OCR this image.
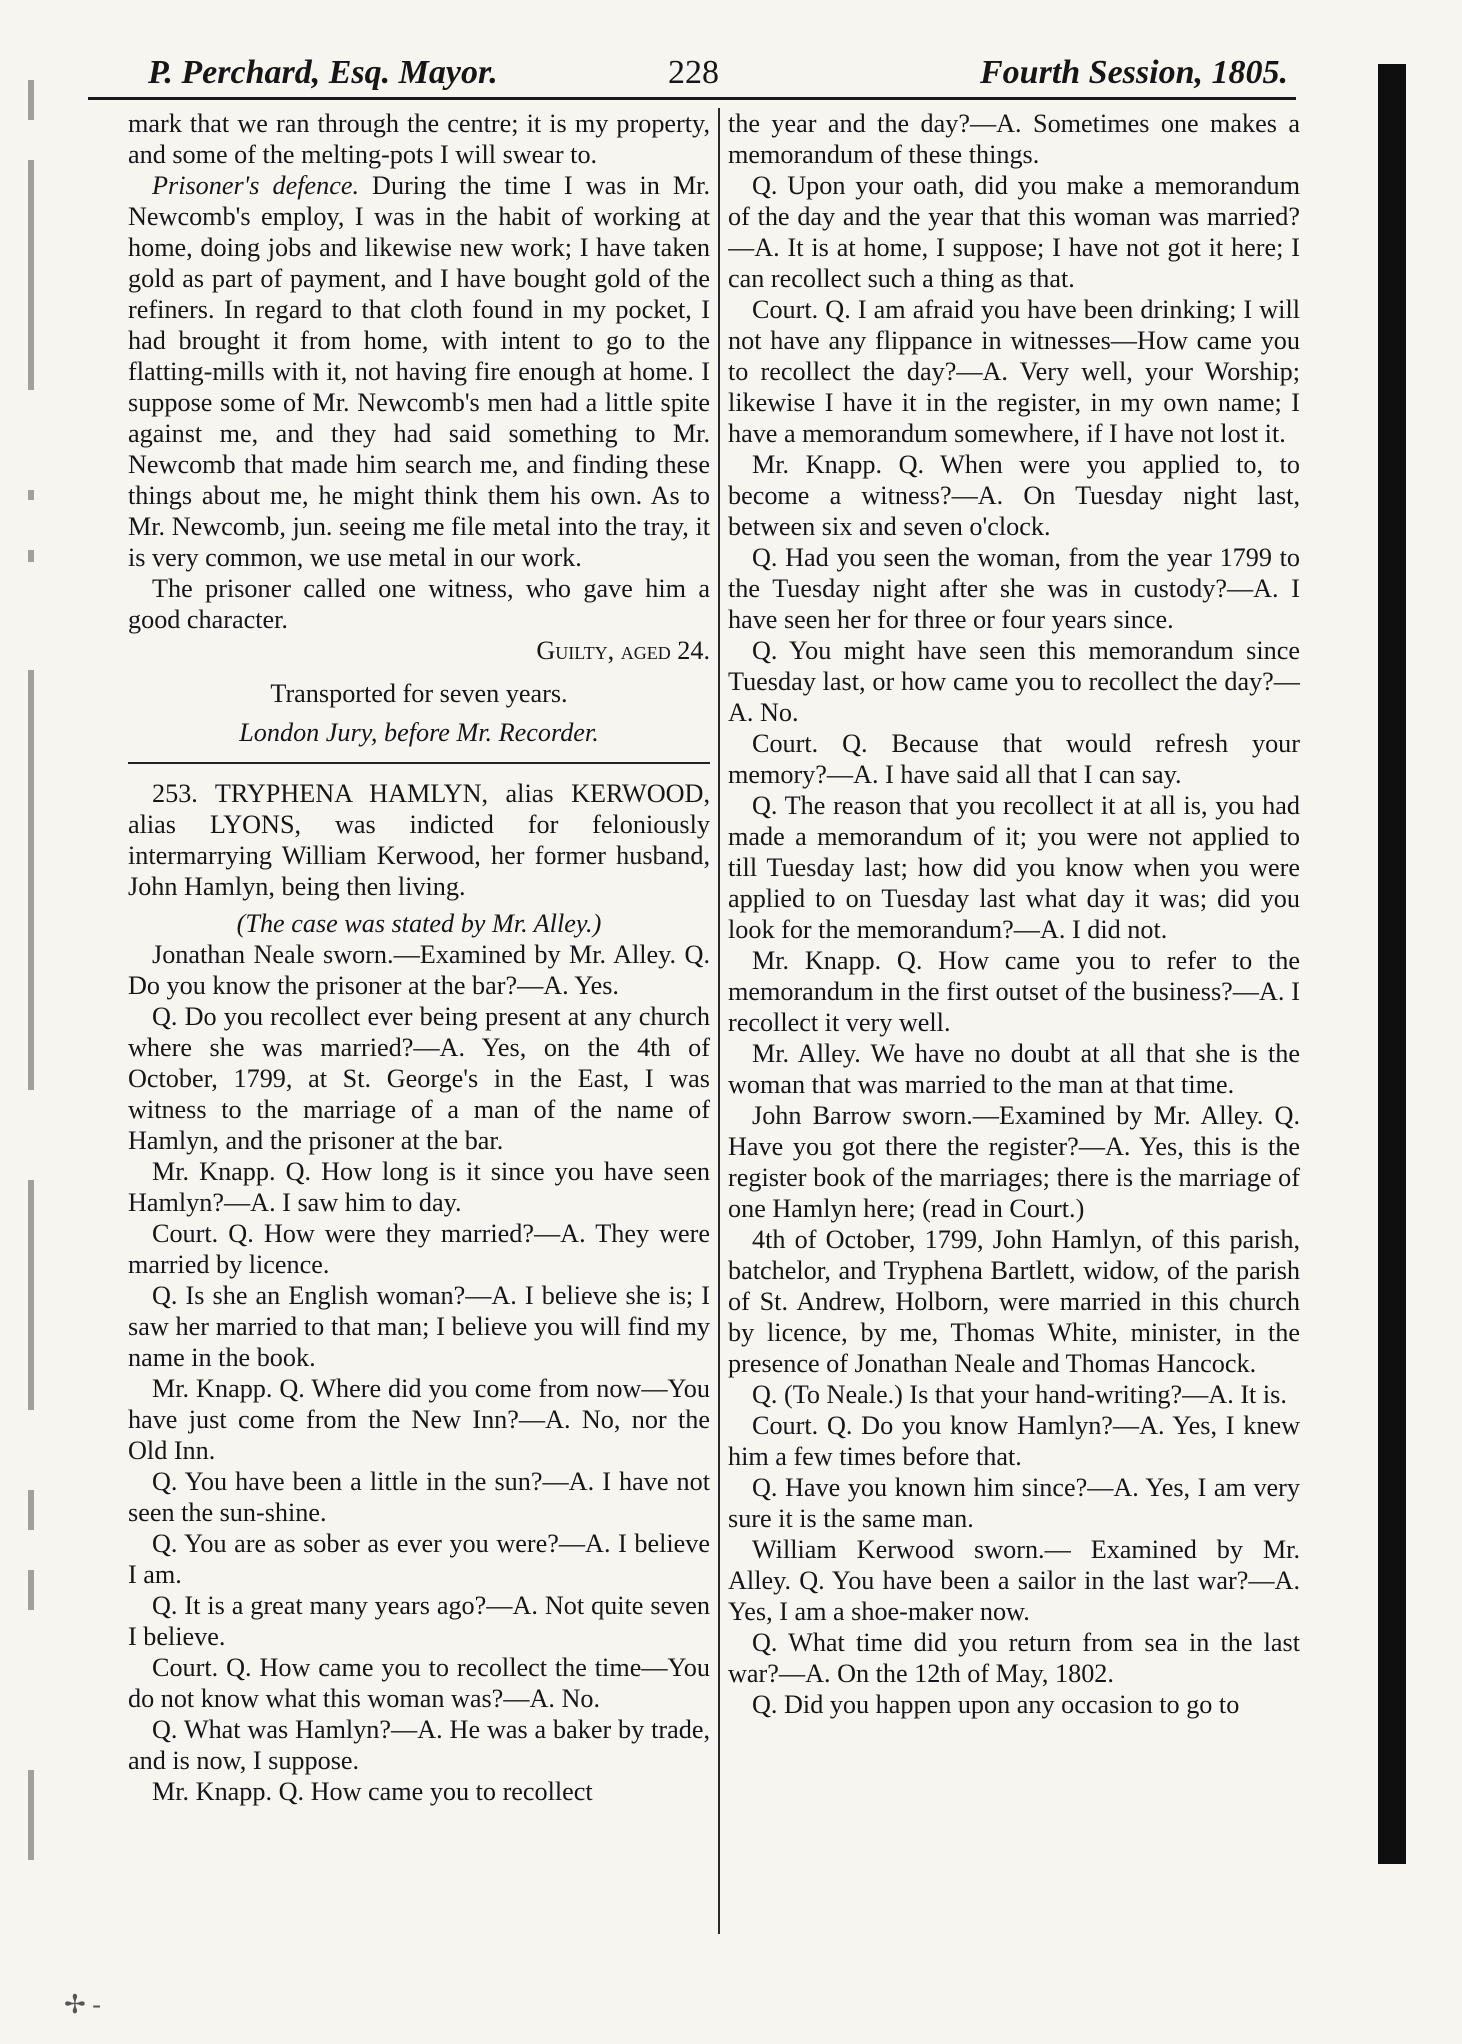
P. Perchard, Esq. Mayor.	228	Fourth Session, 1805.

mark that we ran through the centre; it is my property, and some of the melting-pots I will swear to.

Prisoner's defence. During the time I was in Mr. Newcomb's employ, I was in the habit of working at home, doing jobs and likewise new work; I have taken gold as part of payment, and I have bought gold of the refiners. In regard to that cloth found in my pocket, I had brought it from home, with intent to go to the flatting-mills with it, not having fire enough at home. I suppose some of Mr. Newcomb's men had a little spite against me, and they had said something to Mr. Newcomb that made him search me, and finding these things about me, he might think them his own. As to Mr. Newcomb, jun. seeing me file metal into the tray, it is very common, we use metal in our work.

The prisoner called one witness, who gave him a good character.

Guilty, aged 24.

Transported for seven years.

London Jury, before Mr. Recorder.

253. TRYPHENA HAMLYN, alias KERWOOD, alias LYONS, was indicted for feloniously intermarrying William Kerwood, her former husband, John Hamlyn, being then living.

(The case was stated by Mr. Alley.)

Jonathan Neale sworn.—Examined by Mr. Alley. Q. Do you know the prisoner at the bar?—A. Yes.

Q. Do you recollect ever being present at any church where she was married?—A. Yes, on the 4th of October, 1799, at St. George's in the East, I was witness to the marriage of a man of the name of Hamlyn, and the prisoner at the bar.

Mr. Knapp. Q. How long is it since you have seen Hamlyn?—A. I saw him to day.

Court. Q. How were they married?—A. They were married by licence.

Q. Is she an English woman?—A. I believe she is; I saw her married to that man; I believe you will find my name in the book.

Mr. Knapp. Q. Where did you come from now—You have just come from the New Inn?—A. No, nor the Old Inn.

Q. You have been a little in the sun?—A. I have not seen the sun-shine.

Q. You are as sober as ever you were?—A. I believe I am.

Q. It is a great many years ago?—A. Not quite seven I believe.

Court. Q. How came you to recollect the time—You do not know what this woman was?—A. No.

Q. What was Hamlyn?—A. He was a baker by trade, and is now, I suppose.

Mr. Knapp. Q. How came you to recollect

the year and the day?—A. Sometimes one makes a memorandum of these things.

Q. Upon your oath, did you make a memorandum of the day and the year that this woman was married?—A. It is at home, I suppose; I have not got it here; I can recollect such a thing as that.

Court. Q. I am afraid you have been drinking; I will not have any flippance in witnesses—How came you to recollect the day?—A. Very well, your Worship; likewise I have it in the register, in my own name; I have a memorandum somewhere, if I have not lost it.

Mr. Knapp. Q. When were you applied to, to become a witness?—A. On Tuesday night last, between six and seven o'clock.

Q. Had you seen the woman, from the year 1799 to the Tuesday night after she was in custody?—A. I have seen her for three or four years since.

Q. You might have seen this memorandum since Tuesday last, or how came you to recollect the day?—A. No.

Court. Q. Because that would refresh your memory?—A. I have said all that I can say.

Q. The reason that you recollect it at all is, you had made a memorandum of it; you were not applied to till Tuesday last; how did you know when you were applied to on Tuesday last what day it was; did you look for the memorandum?—A. I did not.

Mr. Knapp. Q. How came you to refer to the memorandum in the first outset of the business?—A. I recollect it very well.

Mr. Alley. We have no doubt at all that she is the woman that was married to the man at that time.

John Barrow sworn.—Examined by Mr. Alley. Q. Have you got there the register?—A. Yes, this is the register book of the marriages; there is the marriage of one Hamlyn here; (read in Court.)

4th of October, 1799, John Hamlyn, of this parish, batchelor, and Tryphena Bartlett, widow, of the parish of St. Andrew, Holborn, were married in this church by licence, by me, Thomas White, minister, in the presence of Jonathan Neale and Thomas Hancock.

Q. (To Neale.) Is that your hand-writing?—A. It is.

Court. Q. Do you know Hamlyn?—A. Yes, I knew him a few times before that.

Q. Have you known him since?—A. Yes, I am very sure it is the same man.

William Kerwood sworn.— Examined by Mr. Alley. Q. You have been a sailor in the last war?—A. Yes, I am a shoe-maker now.

Q. What time did you return from sea in the last war?—A. On the 12th of May, 1802.

Q. Did you happen upon any occasion to go to

✢ -
